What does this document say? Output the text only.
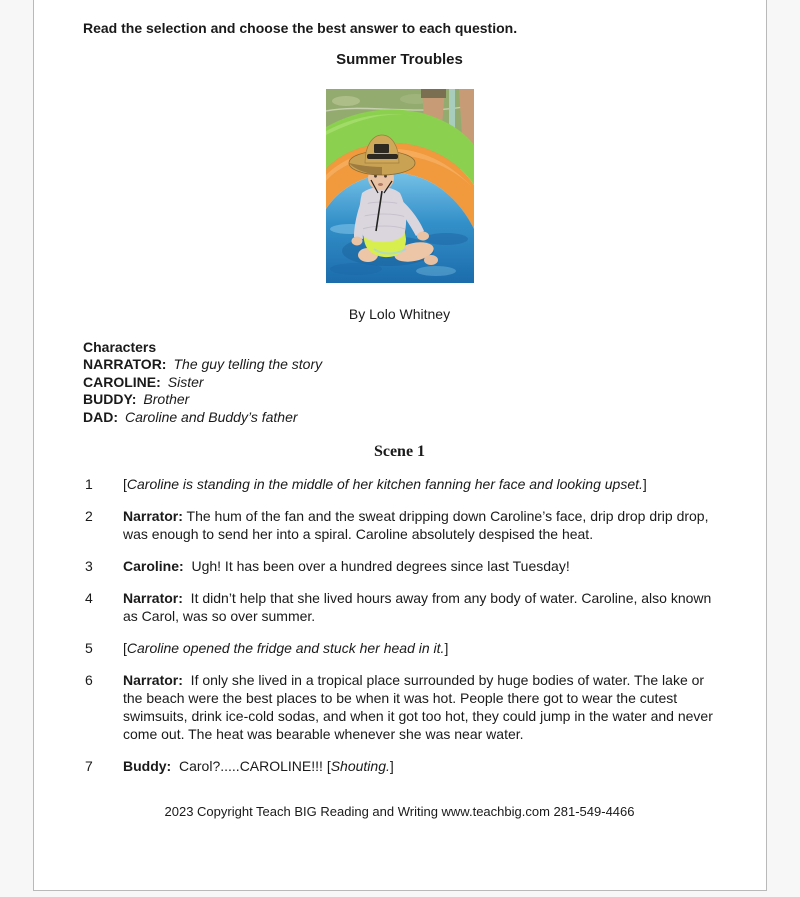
Read the selection and choose the best answer to each question.

Summer Troubles
By Lolo Whitney
Characters
NARRATOR: The guy telling the story
CAROLINE: Sister
BUDDY: Brother
DAD: Caroline and Buddy’s father
Scene 1
1	[Caroline is standing in the middle of her kitchen fanning her face and looking upset.]
2	Narrator: The hum of the fan and the sweat dripping down Caroline’s face, drip drop drip drop, was enough to send her into a spiral. Caroline absolutely despised the heat.
3	Caroline:  Ugh! It has been over a hundred degrees since last Tuesday!
4	Narrator:  It didn’t help that she lived hours away from any body of water. Caroline, also known as Carol, was so over summer.
5	[Caroline opened the fridge and stuck her head in it.]
6	Narrator:  If only she lived in a tropical place surrounded by huge bodies of water. The lake or the beach were the best places to be when it was hot. People there got to wear the cutest swimsuits, drink ice-cold sodas, and when it got too hot, they could jump in the water and never come out. The heat was bearable whenever she was near water.
7	Buddy:  Carol?.....CAROLINE!!! [Shouting.]
2023 Copyright Teach BIG Reading and Writing www.teachbig.com 281-549-4466
